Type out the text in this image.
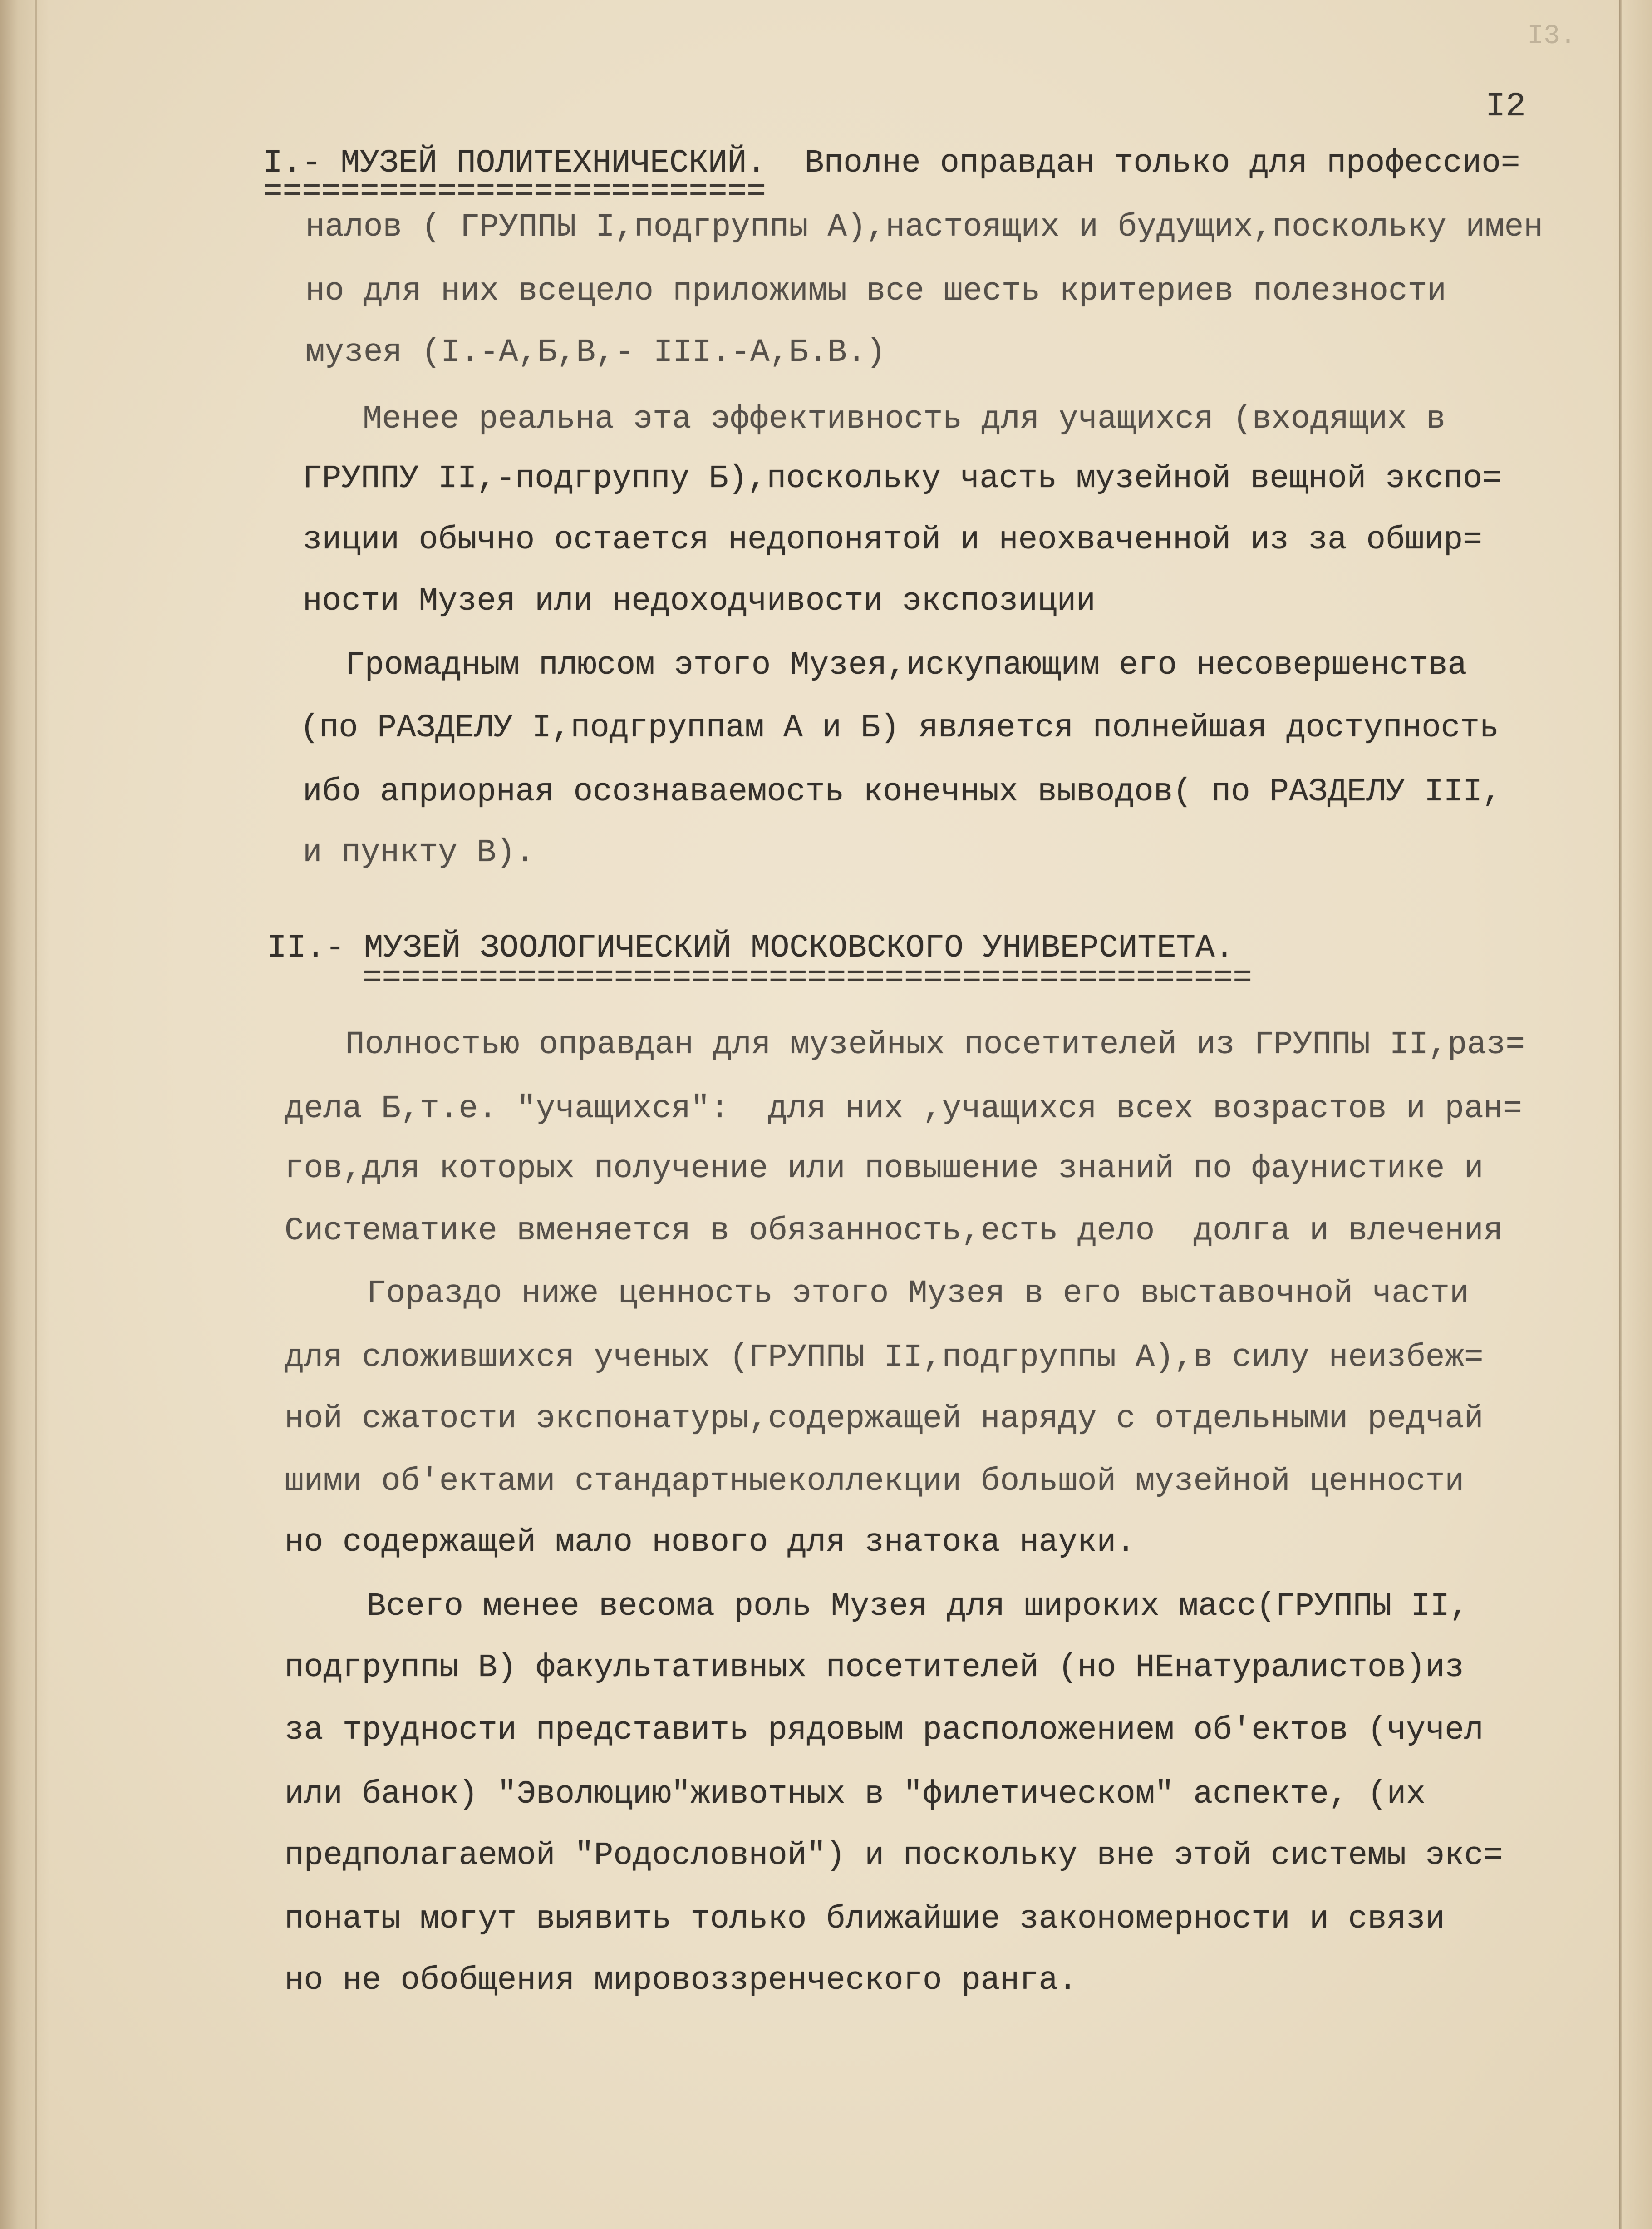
I3.
I2
I.- МУЗЕЙ ПОЛИТЕХНИЧЕСКИЙ.  Вполне оправдан только для профессио=
==========================
налов ( ГРУППЫ I,подгруппы А),настоящих и будущих,поскольку имен
но для них всецело приложимы все шесть критериев полезности
музея (I.-А,Б,В,- III.-А,Б.В.)
Менее реальна эта эффективность для учащихся (входящих в
ГРУППУ II,-подгруппу Б),поскольку часть музейной вещной экспо=
зиции обычно остается недопонятой и неохваченной из за обшир=
ности Музея или недоходчивости экспозиции
Громадным плюсом этого Музея,искупающим его несовершенства
(по РАЗДЕЛУ I,подгруппам А и Б) является полнейшая доступность
ибо априорная осознаваемость конечных выводов( по РАЗДЕЛУ III,
и пункту В).
II.- МУЗЕЙ ЗООЛОГИЧЕСКИЙ МОСКОВСКОГО УНИВЕРСИТЕТА.
==============================================
Полностью оправдан для музейных посетителей из ГРУППЫ II,раз=
дела Б,т.е. "учащихся":  для них ,учащихся всех возрастов и ран=
гов,для которых получение или повышение знаний по фаунистике и
Систематике вменяется в обязанность,есть дело  долга и влечения
Гораздо ниже ценность этого Музея в его выставочной части
для сложившихся ученых (ГРУППЫ II,подгруппы А),в силу неизбеж=
ной сжатости экспонатуры,содержащей наряду с отдельными редчай
шими об'ектами стандартныеколлекции большой музейной ценности
но содержащей мало нового для знатока науки.
Всего менее весома роль Музея для широких масс(ГРУППЫ II,
подгруппы В) факультативных посетителей (но НЕнатуралистов)из
за трудности представить рядовым расположением об'ектов (чучел
или банок) "Эволюцию"животных в "филетическом" аспекте, (их
предполагаемой "Родословной") и поскольку вне этой системы экс=
понаты могут выявить только ближайшие закономерности и связи
но не обобщения мировоззренческого ранга.
